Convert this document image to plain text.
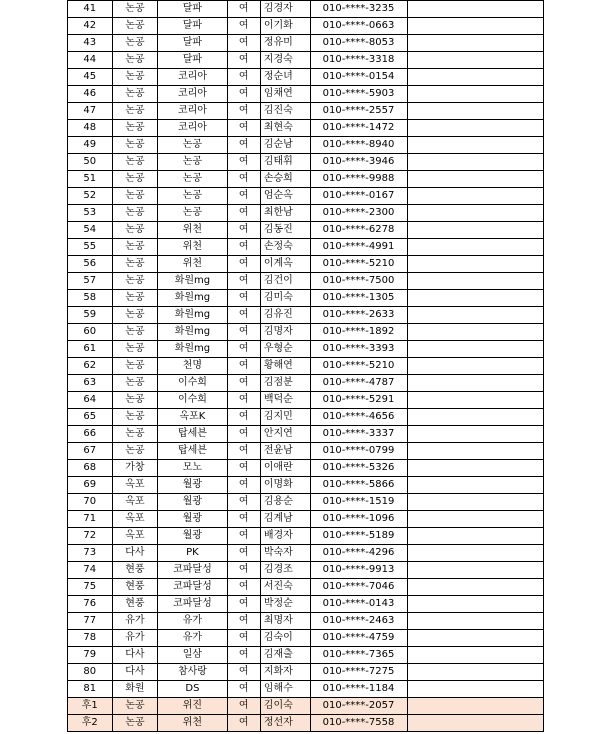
41	논공	달파	여	김경자	010-****-3235	
42	논공	달파	여	이기화	010-****-0663	
43	논공	달파	여	정유미	010-****-8053	
44	논공	달파	여	지경숙	010-****-3318	
45	논공	코리아	여	정순녀	010-****-0154	
46	논공	코리아	여	임채연	010-****-5903	
47	논공	코리아	여	김진숙	010-****-2557	
48	논공	코리아	여	최현숙	010-****-1472	
49	논공	논공	여	김순남	010-****-8940	
50	논공	논공	여	김태휘	010-****-3946	
51	논공	논공	여	손승희	010-****-9988	
52	논공	논공	여	엄순옥	010-****-0167	
53	논공	논공	여	최한남	010-****-2300	
54	논공	위천	여	김동진	010-****-6278	
55	논공	위천	여	손정숙	010-****-4991	
56	논공	위천	여	이계옥	010-****-5210	
57	논공	화원mg	여	김건이	010-****-7500	
58	논공	화원mg	여	김미숙	010-****-1305	
59	논공	화원mg	여	김유진	010-****-2633	
60	논공	화원mg	여	김명자	010-****-1892	
61	논공	화원mg	여	우형순	010-****-3393	
62	논공	천명	여	황해연	010-****-5210	
63	논공	이수희	여	김점분	010-****-4787	
64	논공	이수희	여	백덕순	010-****-5291	
65	논공	옥포K	여	김지민	010-****-4656	
66	논공	탑세븐	여	안지연	010-****-3337	
67	논공	탑세븐	여	전윤남	010-****-0799	
68	가창	모노	여	이애란	010-****-5326	
69	옥포	월광	여	이명화	010-****-5866	
70	옥포	월광	여	김용순	010-****-1519	
71	옥포	월광	여	김계남	010-****-1096	
72	옥포	월광	여	배경자	010-****-5189	
73	다사	PK	여	박숙자	010-****-4296	
74	현풍	코파달성	여	김경조	010-****-9913	
75	현풍	코파달성	여	서진숙	010-****-7046	
76	현풍	코파달성	여	박정순	010-****-0143	
77	유가	유가	여	최명자	010-****-2463	
78	유가	유가	여	김숙이	010-****-4759	
79	다사	일삼	여	김재출	010-****-7365	
80	다사	참사랑	여	지화자	010-****-7275	
81	화원	DS	여	임해수	010-****-1184	
후1	논공	위진	여	김이숙	010-****-2057	
후2	논공	위천	여	정선자	010-****-7558	
